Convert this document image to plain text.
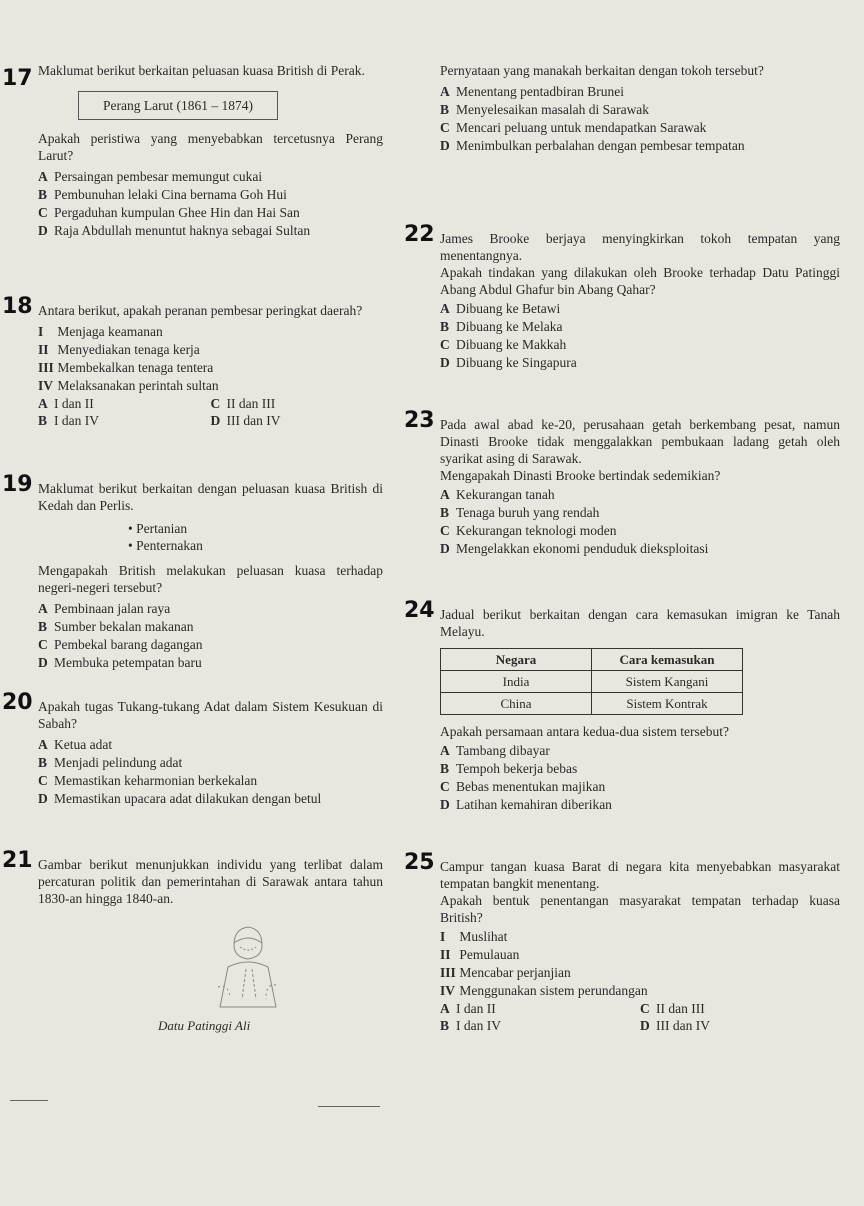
17 Maklumat berikut berkaitan peluasan kuasa British di Perak.
Perang Larut (1861 – 1874)
Apakah peristiwa yang menyebabkan tercetusnya Perang Larut?
A Persaingan pembesar memungut cukai
B Pembunuhan lelaki Cina bernama Goh Hui
C Pergaduhan kumpulan Ghee Hin dan Hai San
D Raja Abdullah menuntut haknya sebagai Sultan
18 Antara berikut, apakah peranan pembesar peringkat daerah?
I Menjaga keamanan
II Menyediakan tenaga kerja
III Membekalkan tenaga tentera
IV Melaksanakan perintah sultan
A I dan II	C II dan III
B I dan IV	D III dan IV
19 Maklumat berikut berkaitan dengan peluasan kuasa British di Kedah dan Perlis.
• Pertanian
• Penternakan
Mengapakah British melakukan peluasan kuasa terhadap negeri-negeri tersebut?
A Pembinaan jalan raya
B Sumber bekalan makanan
C Pembekal barang dagangan
D Membuka petempatan baru
20 Apakah tugas Tukang-tukang Adat dalam Sistem Kesukuan di Sabah?
A Ketua adat
B Menjadi pelindung adat
C Memastikan keharmonian berkekalan
D Memastikan upacara adat dilakukan dengan betul
21 Gambar berikut menunjukkan individu yang terlibat dalam percaturan politik dan pemerintahan di Sarawak antara tahun 1830-an hingga 1840-an.
Datu Patinggi Ali
Pernyataan yang manakah berkaitan dengan tokoh tersebut?
A Menentang pentadbiran Brunei
B Menyelesaikan masalah di Sarawak
C Mencari peluang untuk mendapatkan Sarawak
D Menimbulkan perbalahan dengan pembesar tempatan
22 James Brooke berjaya menyingkirkan tokoh tempatan yang menentangnya.
Apakah tindakan yang dilakukan oleh Brooke terhadap Datu Patinggi Abang Abdul Ghafur bin Abang Qahar?
A Dibuang ke Betawi
B Dibuang ke Melaka
C Dibuang ke Makkah
D Dibuang ke Singapura
23 Pada awal abad ke-20, perusahaan getah berkembang pesat, namun Dinasti Brooke tidak menggalakkan pembukaan ladang getah oleh syarikat asing di Sarawak.
Mengapakah Dinasti Brooke bertindak sedemikian?
A Kekurangan tanah
B Tenaga buruh yang rendah
C Kekurangan teknologi moden
D Mengelakkan ekonomi penduduk dieksploitasi
24 Jadual berikut berkaitan dengan cara kemasukan imigran ke Tanah Melayu.
Negara	Cara kemasukan
India	Sistem Kangani
China	Sistem Kontrak
Apakah persamaan antara kedua-dua sistem tersebut?
A Tambang dibayar
B Tempoh bekerja bebas
C Bebas menentukan majikan
D Latihan kemahiran diberikan
25 Campur tangan kuasa Barat di negara kita menyebabkan masyarakat tempatan bangkit menentang.
Apakah bentuk penentangan masyarakat tempatan terhadap kuasa British?
I Muslihat
II Pemulauan
III Mencabar perjanjian
IV Menggunakan sistem perundangan
A I dan II	C II dan III
B I dan IV	D III dan IV
